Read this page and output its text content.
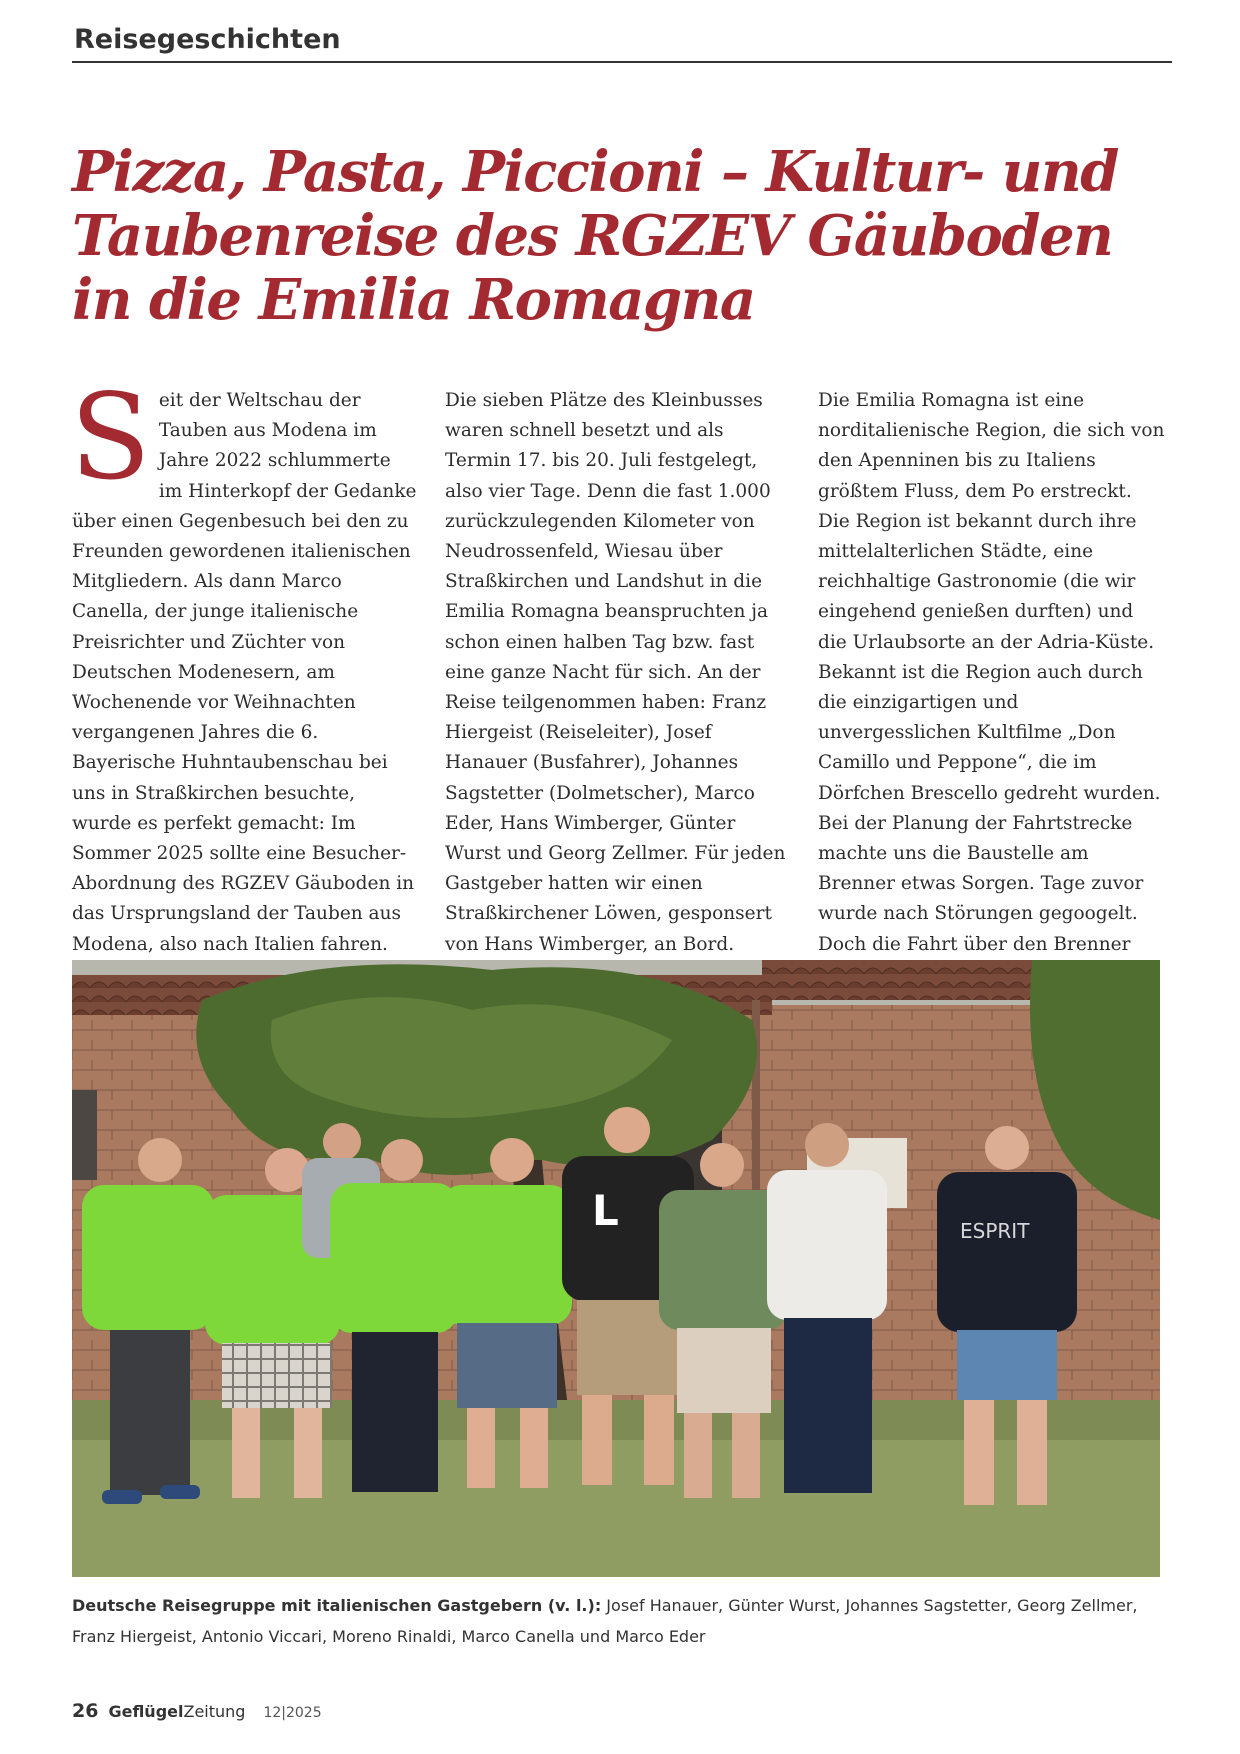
Reisegeschichten
Pizza, Pasta, Piccioni – Kultur- und
Taubenreise des RGZEV Gäuboden
in die Emilia Romagna

Seit der Weltschau der Tauben aus Modena im Jahre 2022 schlummerte im Hinterkopf der Gedanke über einen Gegenbesuch bei den zu Freunden gewordenen italienischen Mitgliedern. Als dann Marco Canella, der junge italienische Preisrichter und Züchter von Deutschen Modenesern, am Wochenende vor Weihnachten vergangenen Jahres die 6. Bayerische Huhntaubenschau bei uns in Straßkirchen besuchte, wurde es perfekt gemacht: Im Sommer 2025 sollte eine Besucher-Abordnung des RGZEV Gäuboden in das Ursprungsland der Tauben aus Modena, also nach Italien fahren.

Die sieben Plätze des Kleinbusses waren schnell besetzt und als Termin 17. bis 20. Juli festgelegt, also vier Tage. Denn die fast 1.000 zurückzulegenden Kilometer von Neudrossenfeld, Wiesau über Straßkirchen und Landshut in die Emilia Romagna beanspruchten ja schon einen halben Tag bzw. fast eine ganze Nacht für sich. An der Reise teilgenommen haben: Franz Hiergeist (Reiseleiter), Josef Hanauer (Busfahrer), Johannes Sagstetter (Dolmetscher), Marco Eder, Hans Wimberger, Günter Wurst und Georg Zellmer. Für jeden Gastgeber hatten wir einen Straßkirchener Löwen, gesponsert von Hans Wimberger, an Bord.

Die Emilia Romagna ist eine norditalienische Region, die sich von den Apenninen bis zu Italiens größtem Fluss, dem Po erstreckt. Die Region ist bekannt durch ihre mittelalterlichen Städte, eine reichhaltige Gastronomie (die wir eingehend genießen durften) und die Urlaubsorte an der Adria-Küste. Bekannt ist die Region auch durch die einzigartigen und unvergesslichen Kultfilme „Don Camillo und Peppone“, die im Dörfchen Brescello gedreht wurden. Bei der Planung der Fahrtstrecke machte uns die Baustelle am Brenner etwas Sorgen. Tage zuvor wurde nach Störungen gegoogelt. Doch die Fahrt über den Brenner

L	ESPRIT
Deutsche Reisegruppe mit italienischen Gastgebern (v. l.): Josef Hanauer, Günter Wurst, Johannes Sagstetter, Georg Zellmer, Franz Hiergeist, Antonio Viccari, Moreno Rinaldi, Marco Canella und Marco Eder
26 Geflügel Zeitung 12|2025
